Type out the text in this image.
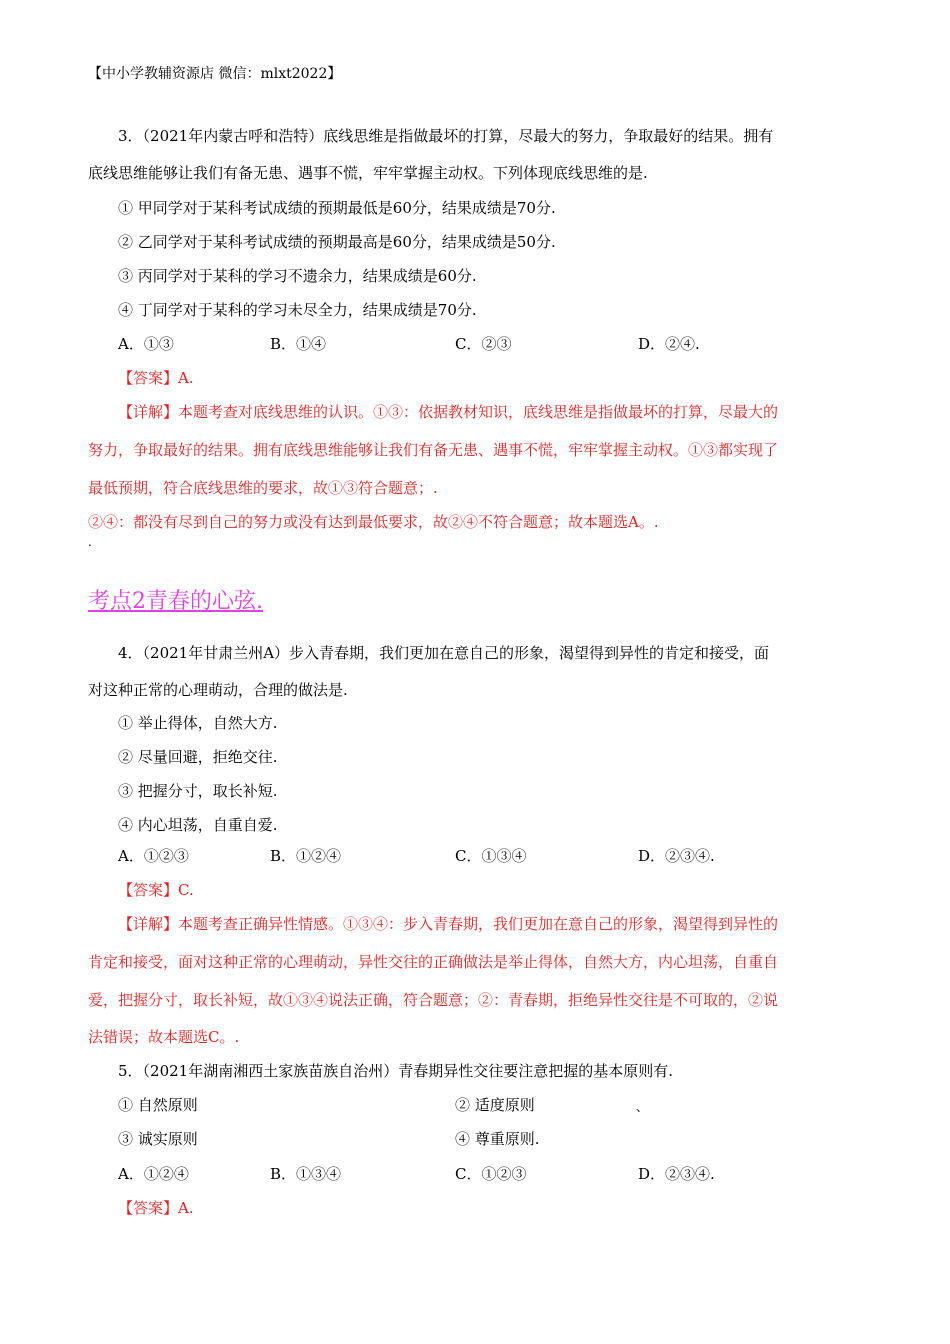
【中小学教辅资源店 微信：mlxt2022】
3．（2021年内蒙古呼和浩特）底线思维是指做最坏的打算，尽最大的努力，争取最好的结果。拥有
底线思维能够让我们有备无患、遇事不慌，牢牢掌握主动权。下列体现底线思维的是.
① 甲同学对于某科考试成绩的预期最低是60分，结果成绩是70分.
② 乙同学对于某科考试成绩的预期最高是60分，结果成绩是50分.
③ 丙同学对于某科的学习不遗余力，结果成绩是60分.
④ 丁同学对于某科的学习未尽全力，结果成绩是70分.
A．①③	B．①④	C．②③	D．②④.
【答案】A.
【详解】本题考查对底线思维的认识。①③：依据教材知识，底线思维是指做最坏的打算，尽最大的
努力，争取最好的结果。拥有底线思维能够让我们有备无患、遇事不慌，牢牢掌握主动权。①③都实现了
最低预期，符合底线思维的要求，故①③符合题意；.
②④：都没有尽到自己的努力或没有达到最低要求，故②④不符合题意；故本题选A。.
.
考点2青春的心弦.
4．（2021年甘肃兰州A）步入青春期，我们更加在意自己的形象，渴望得到异性的肯定和接受，面
对这种正常的心理萌动，合理的做法是.
① 举止得体，自然大方.
② 尽量回避，拒绝交往.
③ 把握分寸，取长补短.
④ 内心坦荡，自重自爱.
A．①②③	B．①②④	C．①③④	D．②③④.
【答案】C.
【详解】本题考查正确异性情感。①③④：步入青春期，我们更加在意自己的形象，渴望得到异性的
肯定和接受，面对这种正常的心理萌动，异性交往的正确做法是举止得体，自然大方，内心坦荡，自重自
爱，把握分寸，取长补短，故①③④说法正确，符合题意；②：青春期，拒绝异性交往是不可取的，②说
法错误；故本题选C。.
5．（2021年湖南湘西土家族苗族自治州）青春期异性交往要注意把握的基本原则有.
① 自然原则	② 适度原则	、
③ 诚实原则	④ 尊重原则.
A．①②④	B．①③④	C．①②③	D．②③④.
【答案】A.
